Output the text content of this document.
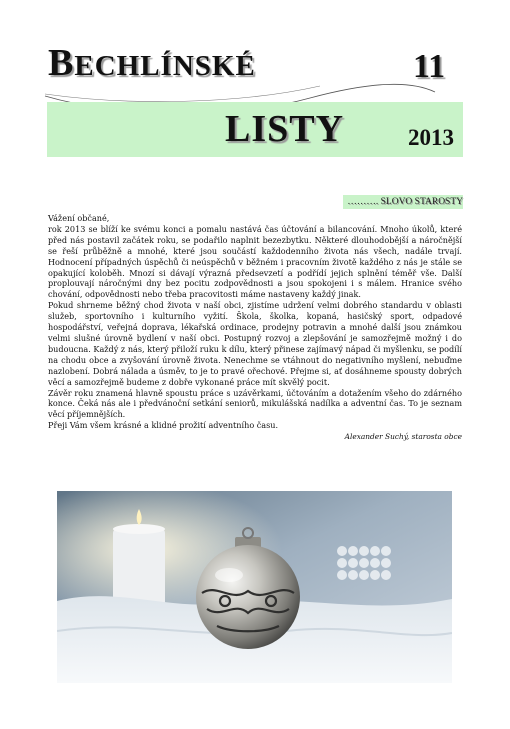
BECHLÍNSKÉ	11
LISTY	2013
………. SLOVO STAROSTY

Vážení občané,

rok 2013 se blíží ke svému konci a pomalu nastává čas účtování a bilancování. Mnoho úkolů, které před nás postavil začátek roku, se podařilo naplnit bezezbytku. Některé dlouhodobější a náročnější se řeší průběžně a mnohé, které jsou součástí každodenního života nás všech, nadále trvají. Hodnocení případných úspěchů či neúspěchů v běžném i pracovním životě každého z nás je stále se opakující koloběh. Mnozí si dávají výrazná předsevzetí a podřídí jejich splnění téměř vše. Další proplouvají náročnými dny bez pocitu zodpovědnosti a jsou spokojeni i s málem. Hranice svého chování, odpovědnosti nebo třeba pracovitosti máme nastaveny každý jinak.

Pokud shrneme běžný chod života v naší obci, zjistíme udržení velmi dobrého standardu v oblasti služeb, sportovního i kulturního vyžití. Škola, školka, kopaná, hasičský sport, odpadové hospodářství, veřejná doprava, lékařská ordinace, prodejny potravin a mnohé další jsou známkou velmi slušné úrovně bydlení v naší obci. Postupný rozvoj a zlepšování je samozřejmě možný i do budoucna. Každý z nás, který přiloží ruku k dílu, který přinese zajímavý nápad či myšlenku, se podílí na chodu obce a zvyšování úrovně života. Nenechme se vtáhnout do negativního myšlení, nebuďme nazlobení. Dobrá nálada a úsměv, to je to pravé ořechové. Přejme si, ať dosáhneme spousty dobrých věcí a samozřejmě budeme z dobře vykonané práce mít skvělý pocit.

Závěr roku znamená hlavně spoustu práce s uzávěrkami, účtováním a dotažením všeho do zdárného konce. Čeká nás ale i předvánoční setkání seniorů, mikulášská nadílka a adventní čas. To je seznam věcí příjemnějších.

Přeji Vám všem krásné a klidné prožití adventního času.

Alexander Suchý, starosta obce
